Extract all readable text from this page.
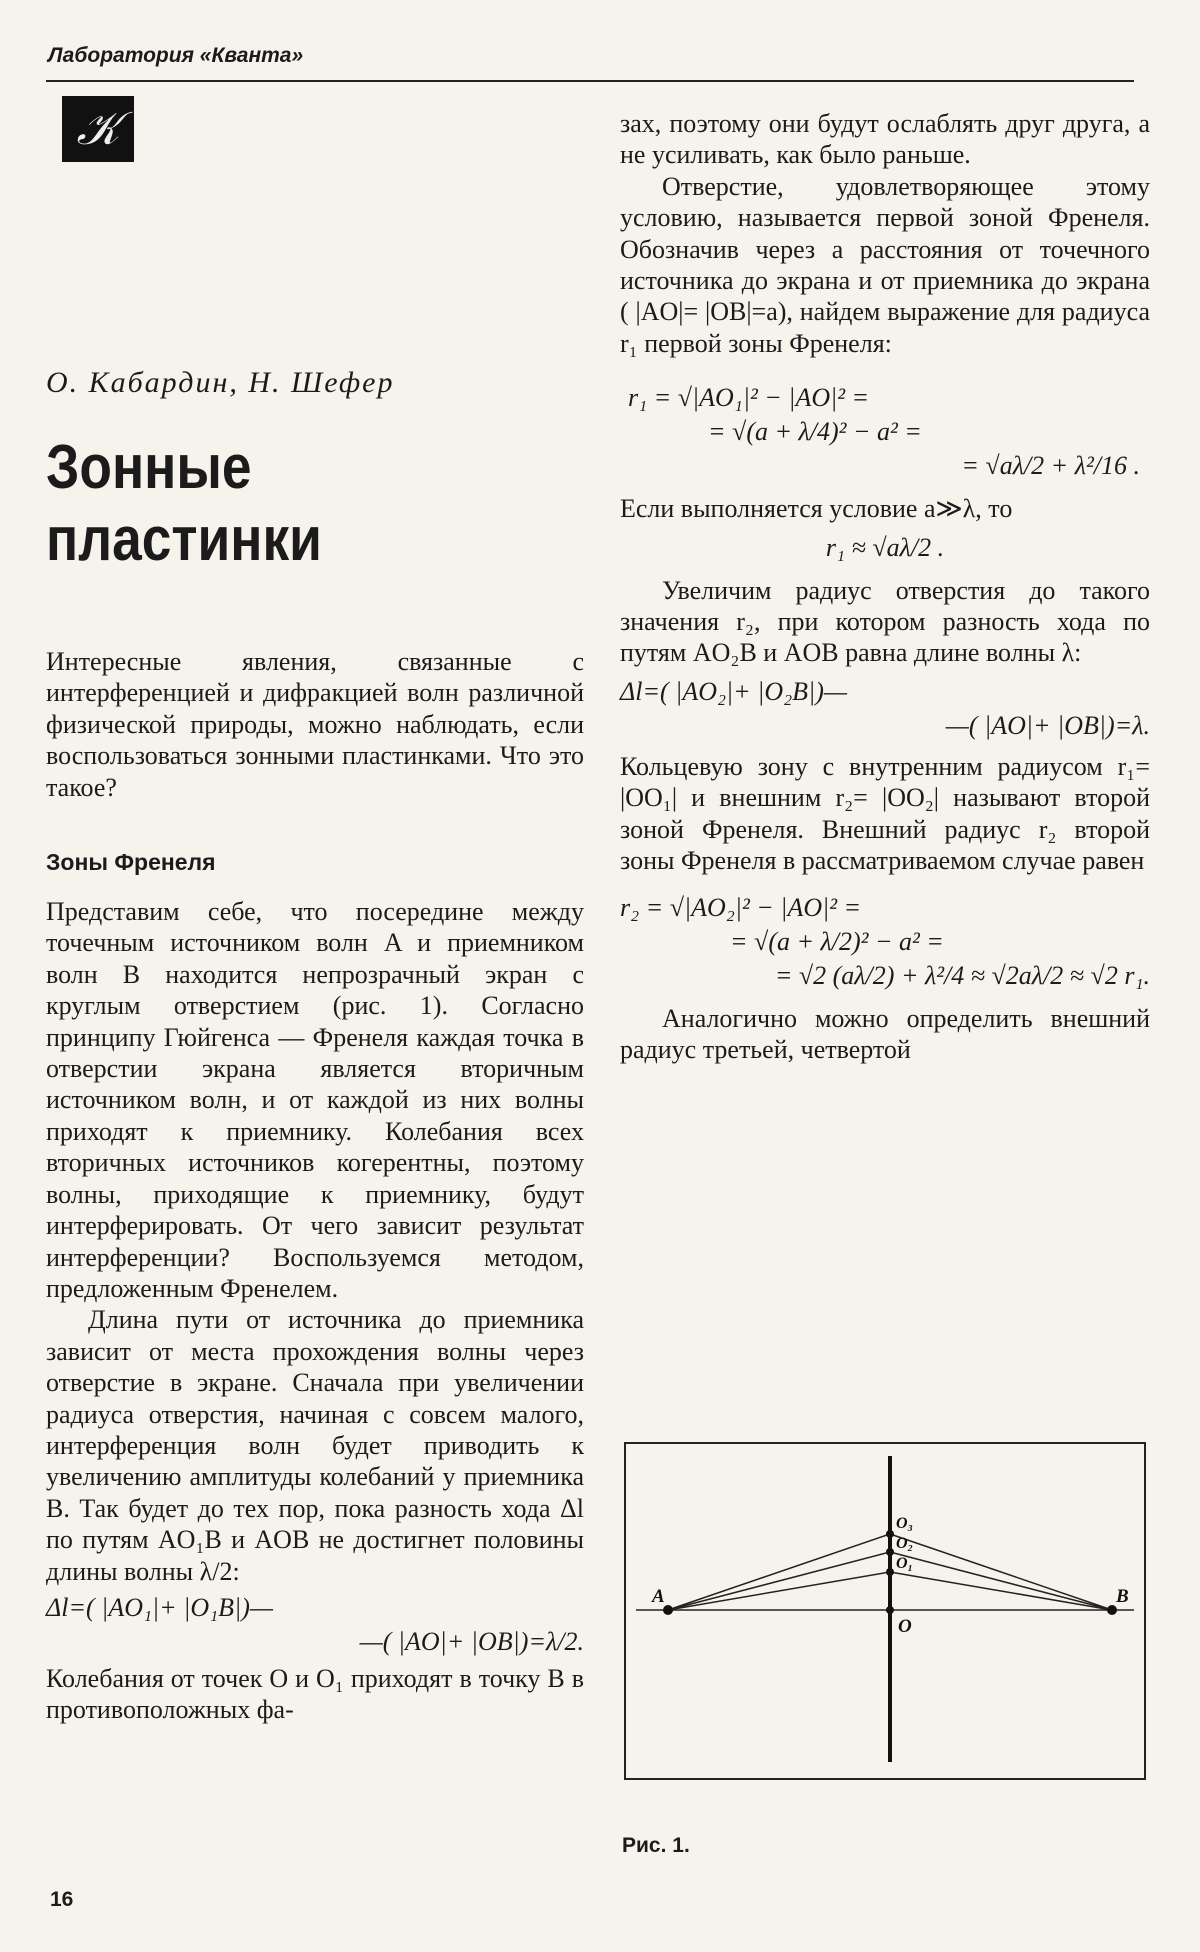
Лаборатория «Кванта»
𝒦
О. Кабардин, Н. Шефер
Зонные
пластинки

Интересные явления, связанные с интерференцией и дифракцией волн различной физической природы, можно наблюдать, если воспользоваться зонными пластинками. Что это такое?

Зоны Френеля

Представим себе, что посередине между точечным источником волн A и приемником волн B находится непрозрачный экран с круглым отверстием (рис. 1). Согласно принципу Гюйгенса — Френеля каждая точка в отверстии экрана является вторичным источником волн, и от каждой из них волны приходят к приемнику. Колебания всех вторичных источников когерентны, поэтому волны, приходящие к приемнику, будут интерферировать. От чего зависит результат интерференции? Воспользуемся методом, предложенным Френелем.

Длина пути от источника до приемника зависит от места прохождения волны через отверстие в экране. Сначала при увеличении радиуса отверстия, начиная с совсем малого, интерференция волн будет приводить к увеличению амплитуды колебаний у приемника B. Так будет до тех пор, пока разность хода Δl по путям AO₁B и AOB не достигнет половины длины волны λ/2:

Δl=( |AO₁|+ |O₁B|)—
—( |AO|+ |OB|)=λ/2.

Колебания от точек O и O₁ приходят в точку B в противоположных фа-

зах, поэтому они будут ослаблять друг друга, а не усиливать, как было раньше.

Отверстие, удовлетворяющее этому условию, называется первой зоной Френеля. Обозначив через a расстояния от точечного источника до экрана и от приемника до экрана ( |AO|= |OB|=a), найдем выражение для радиуса r₁ первой зоны Френеля:

r₁ = √|AO₁|² − |AO|² =
= √(a + λ/4)² − a² =
= √aλ/2 + λ²/16 .

Если выполняется условие a≫λ, то

r₁ ≈ √aλ/2 .

Увеличим радиус отверстия до такого значения r₂, при котором разность хода по путям AO₂B и AOB равна длине волны λ:

Δl=( |AO₂|+ |O₂B|)—
—( |AO|+ |OB|)=λ.

Кольцевую зону с внутренним радиусом r₁= |OO₁| и внешним r₂= |OO₂| называют второй зоной Френеля. Внешний радиус r₂ второй зоны Френеля в рассматриваемом случае равен

r₂ = √|AO₂|² − |AO|² =
= √(a + λ/2)² − a² =
= √2 (aλ/2) + λ²/4 ≈ √2aλ/2 ≈ √2 r₁.

Аналогично можно определить внешний радиус третьей, четвертой

A	B
O
O₁
O₂
O₃
Рис. 1.
16
